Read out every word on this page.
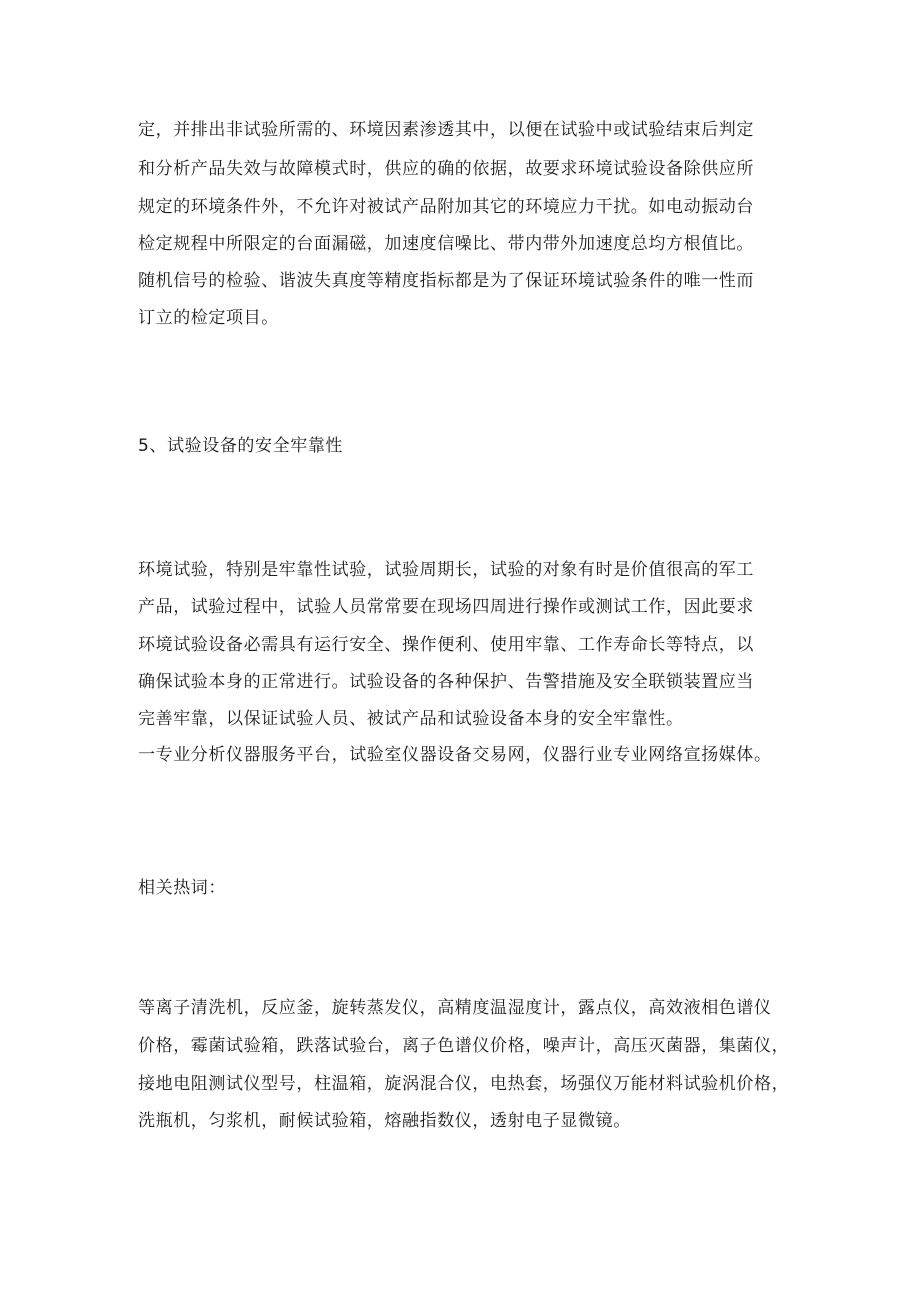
定，并排出非试验所需的、环境因素渗透其中，以便在试验中或试验结束后判定
和分析产品失效与故障模式时，供应的确的依据，故要求环境试验设备除供应所
规定的环境条件外，不允许对被试产品附加其它的环境应力干扰。如电动振动台
检定规程中所限定的台面漏磁，加速度信噪比、带内带外加速度总均方根值比。
随机信号的检验、谐波失真度等精度指标都是为了保证环境试验条件的唯一性而
订立的检定项目。
5、试验设备的安全牢靠性
环境试验，特别是牢靠性试验，试验周期长，试验的对象有时是价值很高的军工
产品，试验过程中，试验人员常常要在现场四周进行操作或测试工作，因此要求
环境试验设备必需具有运行安全、操作便利、使用牢靠、工作寿命长等特点，以
确保试验本身的正常进行。试验设备的各种保护、告警措施及安全联锁装置应当
完善牢靠，以保证试验人员、被试产品和试验设备本身的安全牢靠性。
一专业分析仪器服务平台，试验室仪器设备交易网，仪器行业专业网络宣扬媒体。
相关热词：
等离子清洗机，反应釜，旋转蒸发仪，高精度温湿度计，露点仪，高效液相色谱仪
价格，霉菌试验箱，跌落试验台，离子色谱仪价格，噪声计，高压灭菌器，集菌仪，
接地电阻测试仪型号，柱温箱，旋涡混合仪，电热套，场强仪万能材料试验机价格，
洗瓶机，匀浆机，耐候试验箱，熔融指数仪，透射电子显微镜。
